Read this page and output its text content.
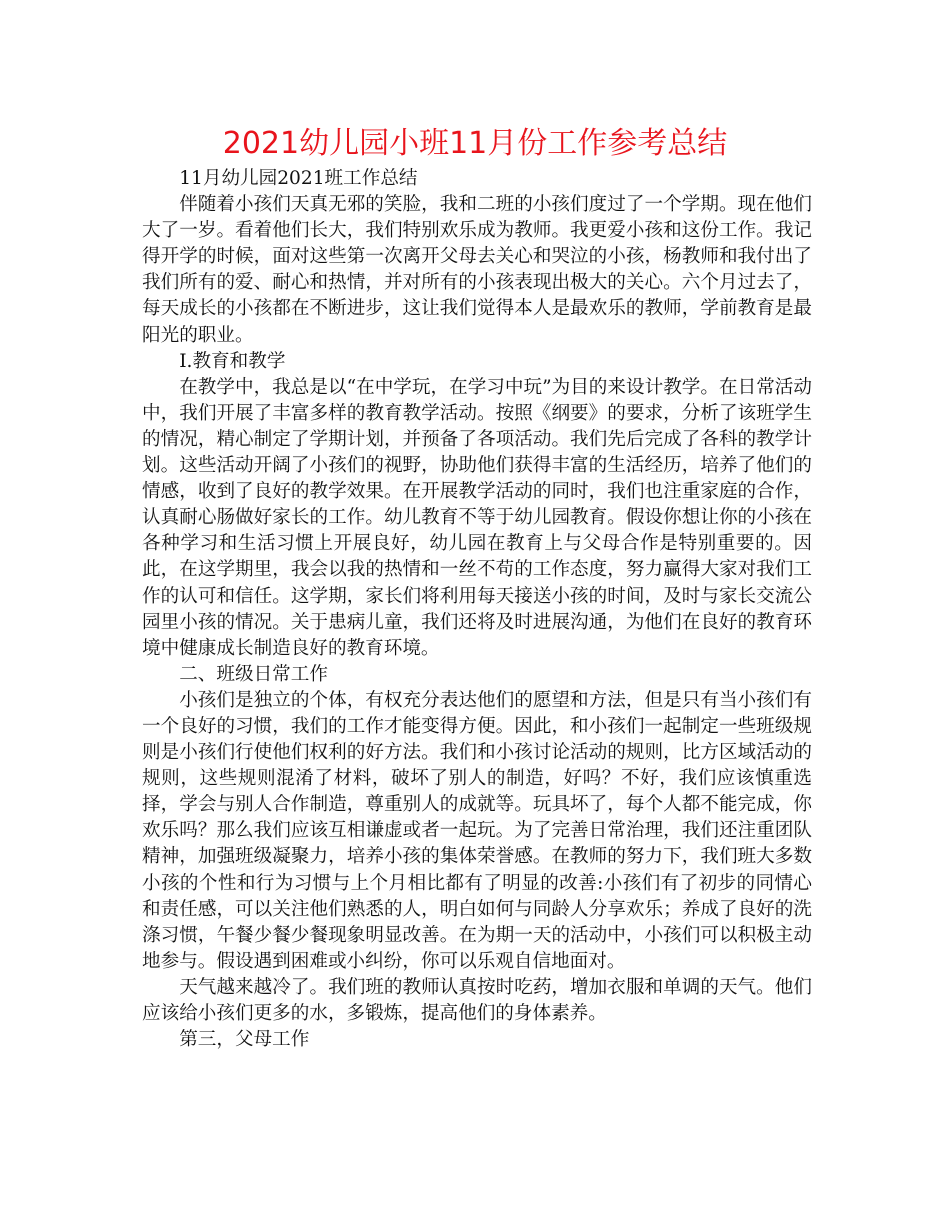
2021幼儿园小班11月份工作参考总结

11月幼儿园2021班工作总结

伴随着小孩们天真无邪的笑脸，我和二班的小孩们度过了一个学期。现在他们大了一岁。看着他们长大，我们特别欢乐成为教师。我更爱小孩和这份工作。我记得开学的时候，面对这些第一次离开父母去关心和哭泣的小孩，杨教师和我付出了我们所有的爱、耐心和热情，并对所有的小孩表现出极大的关心。六个月过去了，每天成长的小孩都在不断进步，这让我们觉得本人是最欢乐的教师，学前教育是最阳光的职业。

Ⅰ.教育和教学

在教学中，我总是以“在中学玩，在学习中玩”为目的来设计教学。在日常活动中，我们开展了丰富多样的教育教学活动。按照《纲要》的要求，分析了该班学生的情况，精心制定了学期计划，并预备了各项活动。我们先后完成了各科的教学计划。这些活动开阔了小孩们的视野，协助他们获得丰富的生活经历，培养了他们的情感，收到了良好的教学效果。在开展教学活动的同时，我们也注重家庭的合作，认真耐心肠做好家长的工作。幼儿教育不等于幼儿园教育。假设你想让你的小孩在各种学习和生活习惯上开展良好，幼儿园在教育上与父母合作是特别重要的。因此，在这学期里，我会以我的热情和一丝不苟的工作态度，努力赢得大家对我们工作的认可和信任。这学期，家长们将利用每天接送小孩的时间，及时与家长交流公园里小孩的情况。关于患病儿童，我们还将及时进展沟通，为他们在良好的教育环境中健康成长制造良好的教育环境。

二、班级日常工作

小孩们是独立的个体，有权充分表达他们的愿望和方法，但是只有当小孩们有一个良好的习惯，我们的工作才能变得方便。因此，和小孩们一起制定一些班级规则是小孩们行使他们权利的好方法。我们和小孩讨论活动的规则，比方区域活动的规则，这些规则混淆了材料，破坏了别人的制造，好吗？不好，我们应该慎重选择，学会与别人合作制造，尊重别人的成就等。玩具坏了，每个人都不能完成，你欢乐吗？那么我们应该互相谦虚或者一起玩。为了完善日常治理，我们还注重团队精神，加强班级凝聚力，培养小孩的集体荣誉感。在教师的努力下，我们班大多数小孩的个性和行为习惯与上个月相比都有了明显的改善:小孩们有了初步的同情心和责任感，可以关注他们熟悉的人，明白如何与同龄人分享欢乐；养成了良好的洗涤习惯，午餐少餐少餐现象明显改善。在为期一天的活动中，小孩们可以积极主动地参与。假设遇到困难或小纠纷，你可以乐观自信地面对。

天气越来越冷了。我们班的教师认真按时吃药，增加衣服和单调的天气。他们应该给小孩们更多的水，多锻炼，提高他们的身体素养。

第三，父母工作
